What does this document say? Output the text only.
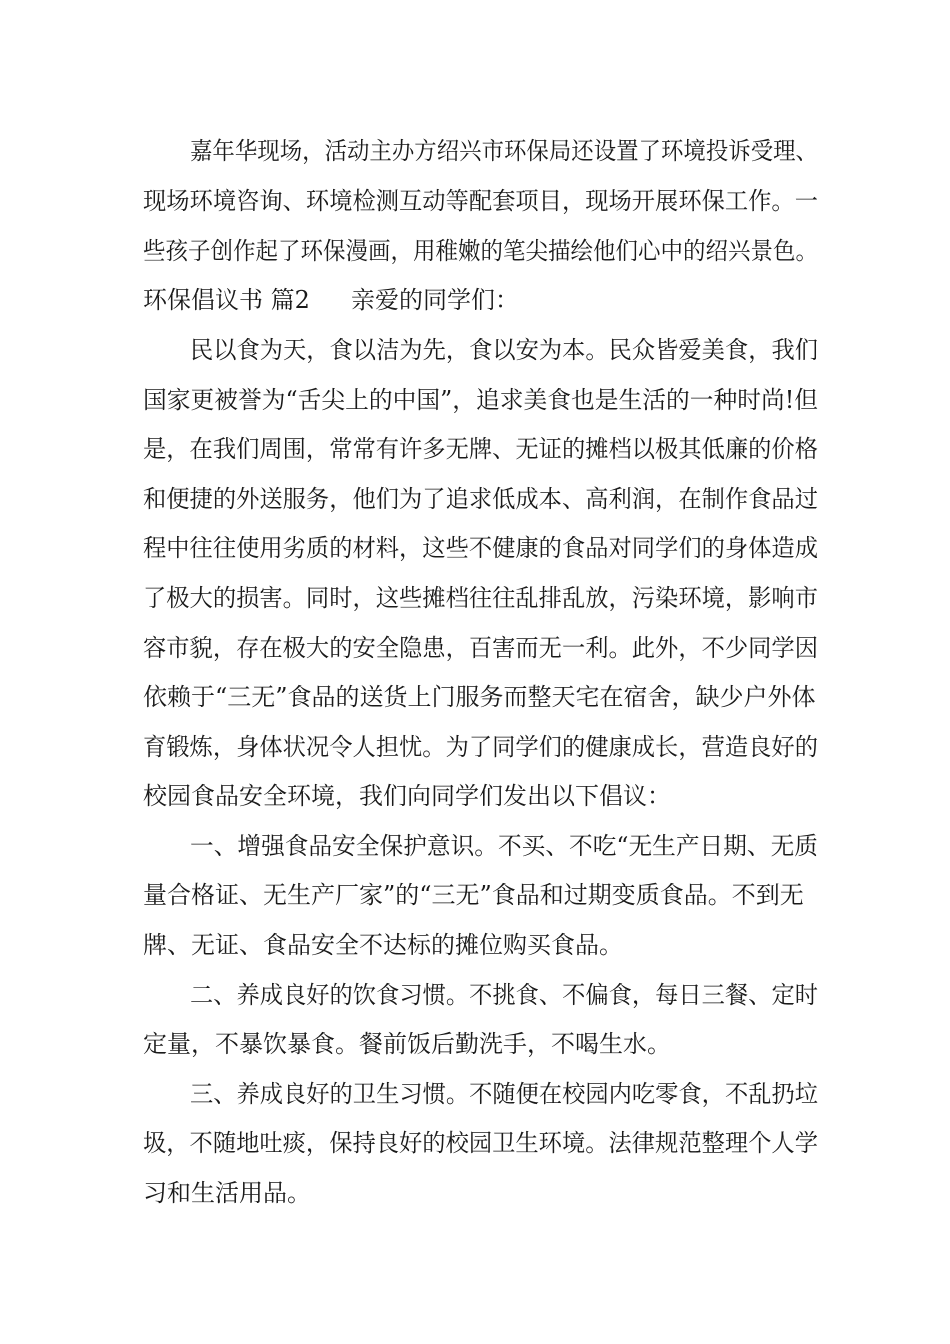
嘉年华现场，活动主办方绍兴市环保局还设置了环境投诉受理、
现场环境咨询、环境检测互动等配套项目，现场开展环保工作。一
些孩子创作起了环保漫画，用稚嫩的笔尖描绘他们心中的绍兴景色。

环保倡议书 篇2

亲爱的同学们：

民以食为天，食以洁为先，食以安为本。民众皆爱美食，我们
国家更被誉为“舌尖上的中国”，追求美食也是生活的一种时尚!但
是，在我们周围，常常有许多无牌、无证的摊档以极其低廉的价格
和便捷的外送服务，他们为了追求低成本、高利润，在制作食品过
程中往往使用劣质的材料，这些不健康的食品对同学们的身体造成
了极大的损害。同时，这些摊档往往乱排乱放，污染环境，影响市
容市貌，存在极大的安全隐患，百害而无一利。此外，不少同学因
依赖于“三无”食品的送货上门服务而整天宅在宿舍，缺少户外体
育锻炼，身体状况令人担忧。为了同学们的健康成长，营造良好的
校园食品安全环境，我们向同学们发出以下倡议：
一、增强食品安全保护意识。不买、不吃“无生产日期、无质
量合格证、无生产厂家”的“三无”食品和过期变质食品。不到无
牌、无证、食品安全不达标的摊位购买食品。
二、养成良好的饮食习惯。不挑食、不偏食，每日三餐、定时
定量，不暴饮暴食。餐前饭后勤洗手，不喝生水。
三、养成良好的卫生习惯。不随便在校园内吃零食，不乱扔垃
圾，不随地吐痰，保持良好的校园卫生环境。法律规范整理个人学
习和生活用品。
